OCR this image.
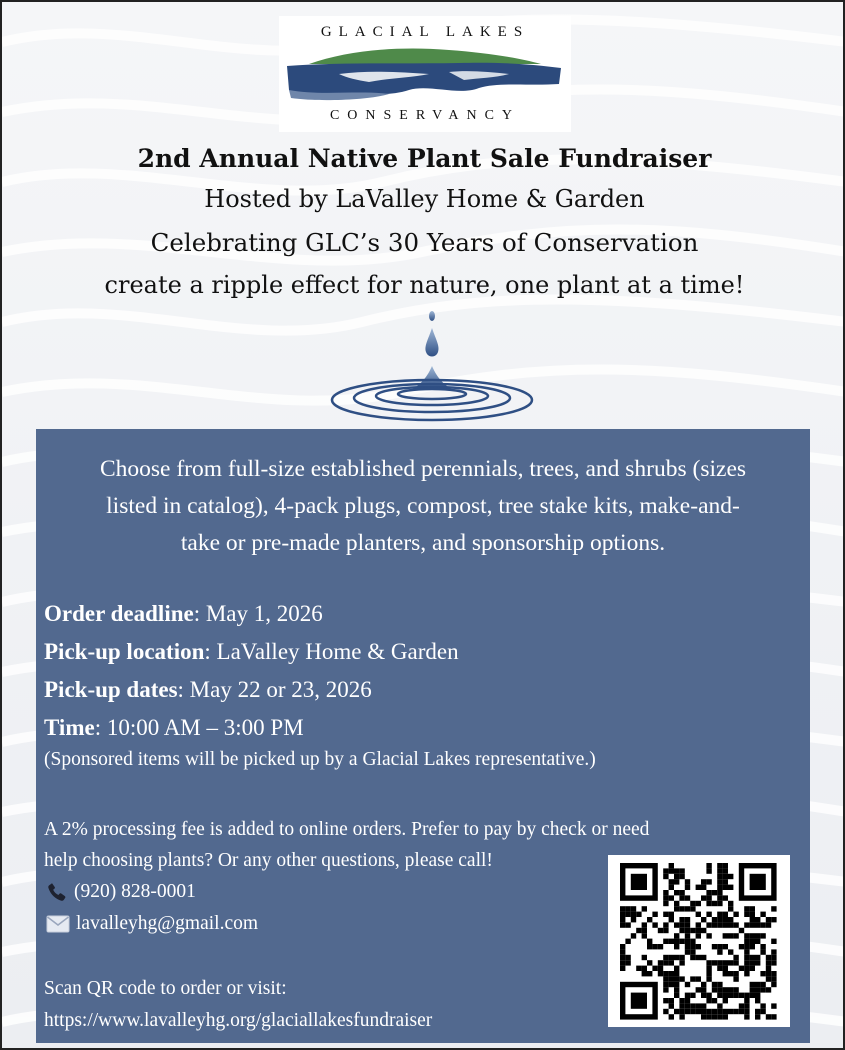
GLACIAL LAKES
CONSERVANCY
2nd Annual Native Plant Sale Fundraiser
Hosted by LaValley Home & Garden
Celebrating GLC’s 30 Years of Conservation
create a ripple effect for nature, one plant at a time!
Choose from full-size established perennials, trees, and shrubs (sizes
listed in catalog), 4-pack plugs, compost, tree stake kits, make-and-
take or pre-made planters, and sponsorship options.
Order deadline: May 1, 2026
Pick-up location: LaValley Home & Garden
Pick-up dates: May 22 or 23, 2026
Time: 10:00 AM – 3:00 PM
(Sponsored items will be picked up by a Glacial Lakes representative.)
A 2% processing fee is added to online orders. Prefer to pay by check or need
help choosing plants? Or any other questions, please call!
(920) 828-0001
lavalleyhg@gmail.com
Scan QR code to order or visit:
https://www.lavalleyhg.org/glaciallakesfundraiser
